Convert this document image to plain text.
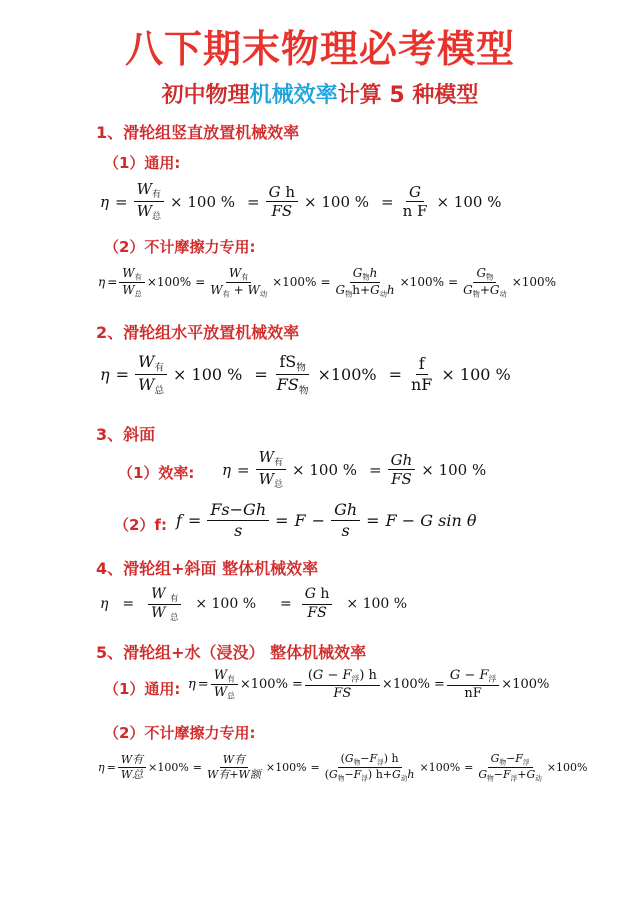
八下期末物理必考模型
初中物理机械效率计算 5 种模型
1、滑轮组竖直放置机械效率
（1）通用:
η =
$W_有$
$W_总$
× 100 % = $\frac{\text{G h}}{FS} \times 100$ % = $\frac{G}{\text{n F}} \times 100$ %
（2）不计摩擦力专用:
η =
$W_有$
$W_总$
×100% =
$W_有$
$W_有 + W_动$
×100% =
$G_物h$
$G_物h+G_动h$
×100% =
$G_物$
$G_物+G_动$
×100%
2、滑轮组水平放置机械效率
η =
$W_有$
$W_总$
× 100 % =
$fS_物$
$FS_物$
$\times 100\% = \frac{f}{nF} \times 100$ %
3、斜面
（1）效率: η =
$W_有$
$W_总$
× 100 % = $\frac{Gh}{FS} \times 100$ %
（2）f: $f = \frac{Fs-Gh}{s} = F - \frac{Gh}{s} = F - G$ sin θ
4、滑轮组+斜面 整体机械效率
η	=
W $_有$
W $_总$
× 100 %	= $\frac{\text{G h}}{FS}$	× 100 %
5、滑轮组+水（浸没） 整体机械效率
（1）通用: η =
$W_有$
$W_总$
×100% =
$(G - F_浮)$ h
FS
×100% =
$G - F_浮$
nF
×100%
（2）不计摩擦力专用:
η =
W有
W总
×100% =
W有
W有+W额
×100% =
$(G_物-F_浮)$ h
$(G_物-F_浮)$ $h+G_动h$
×100% =
$G_物-F_浮$
$G_物-F_浮+G_动$
×100%
